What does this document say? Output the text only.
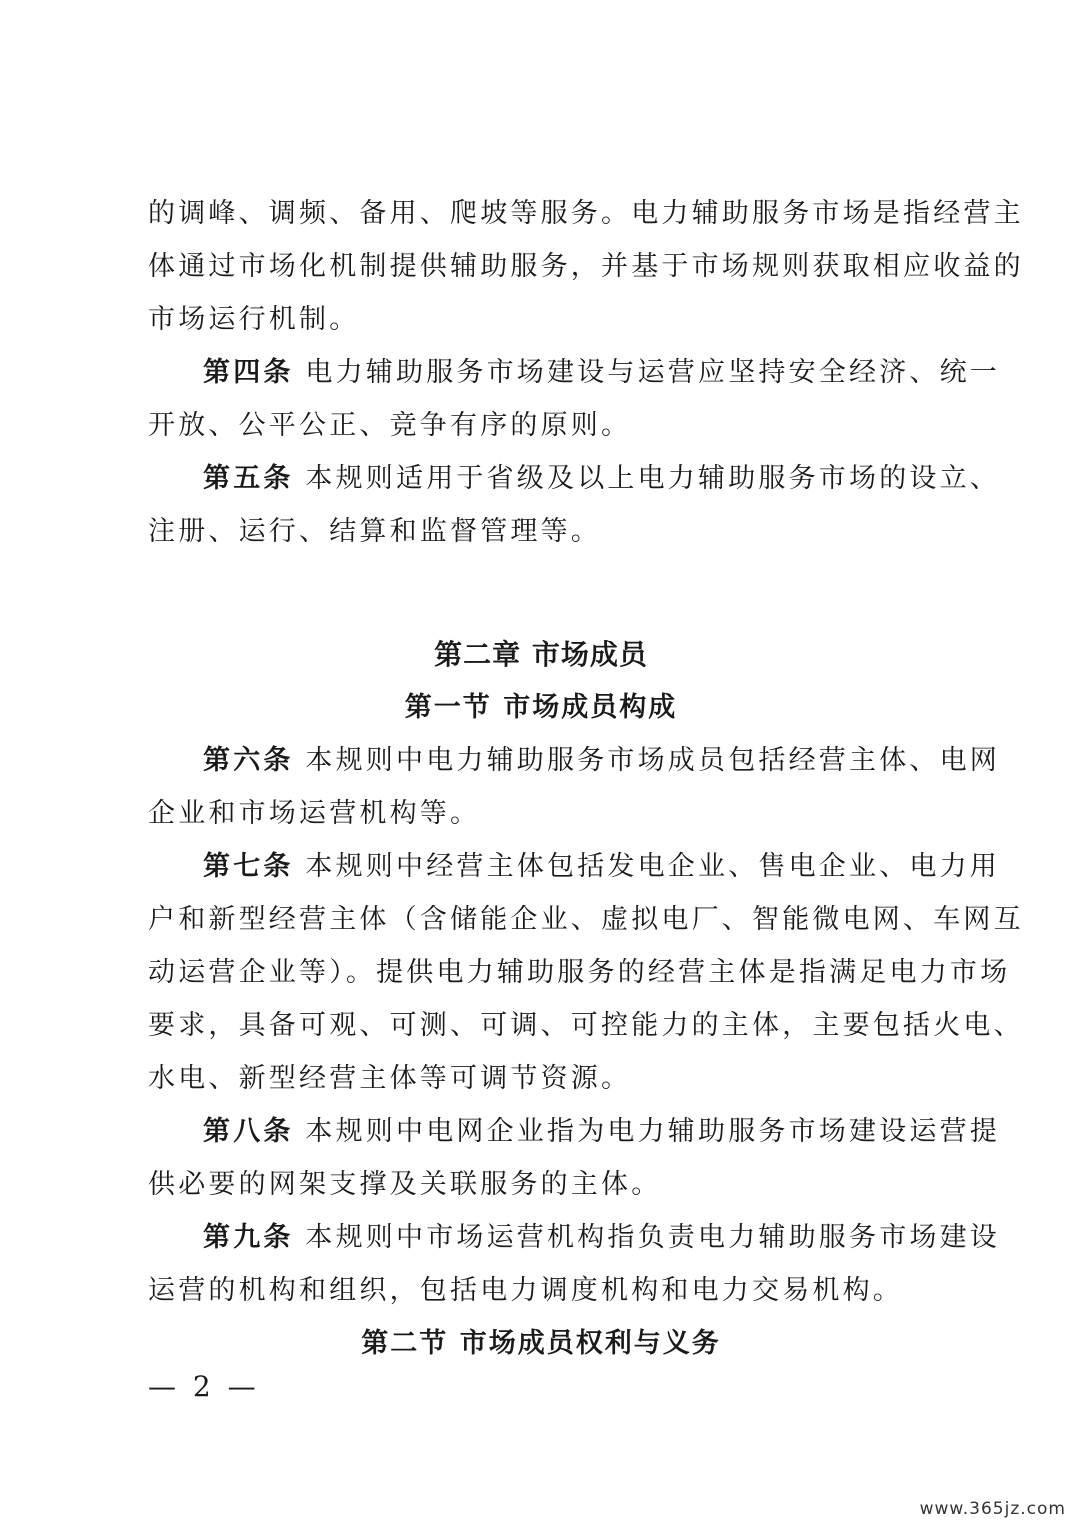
的调峰、调频、备用、爬坡等服务。电力辅助服务市场是指经营主
体通过市场化机制提供辅助服务，并基于市场规则获取相应收益的
市场运行机制。

第四条 电力辅助服务市场建设与运营应坚持安全经济、统一
开放、公平公正、竞争有序的原则。

第五条 本规则适用于省级及以上电力辅助服务市场的设立、
注册、运行、结算和监督管理等。

第二章 市场成员
第一节 市场成员构成

第六条 本规则中电力辅助服务市场成员包括经营主体、电网
企业和市场运营机构等。

第七条 本规则中经营主体包括发电企业、售电企业、电力用
户和新型经营主体（含储能企业、虚拟电厂、智能微电网、车网互
动运营企业等）。提供电力辅助服务的经营主体是指满足电力市场
要求，具备可观、可测、可调、可控能力的主体，主要包括火电、
水电、新型经营主体等可调节资源。

第八条 本规则中电网企业指为电力辅助服务市场建设运营提
供必要的网架支撑及关联服务的主体。

第九条 本规则中市场运营机构指负责电力辅助服务市场建设
运营的机构和组织，包括电力调度机构和电力交易机构。

第二节 市场成员权利与义务
— 2 —
www.365jz.com
